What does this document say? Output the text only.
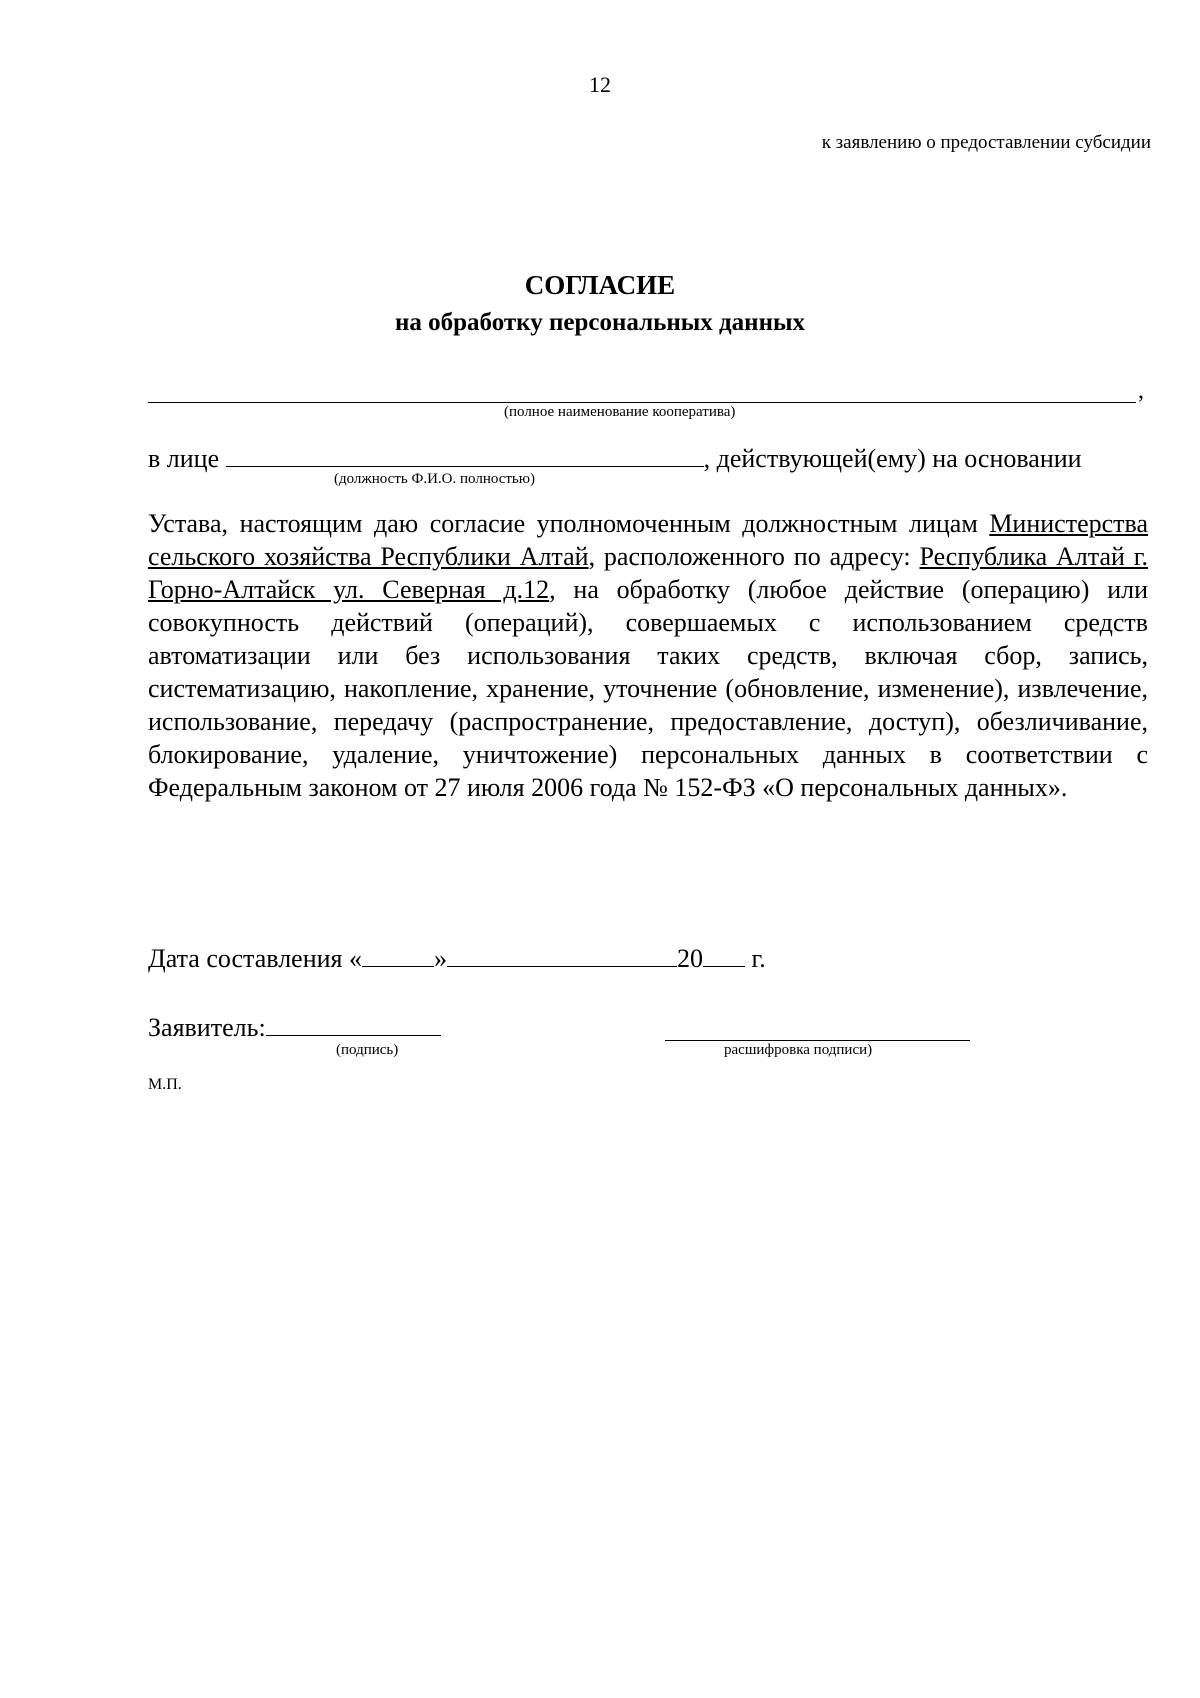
12
к заявлению о предоставлении субсидии
СОГЛАСИЕ
на обработку персональных данных
,
(полное наименование кооператива)
в лице	, действующей(ему) на основании
(должность Ф.И.О. полностью)
Устава, настоящим даю согласие уполномоченным должностным лицам Министерства сельского хозяйства Республики Алтай, расположенного по адресу: Республика Алтай г. Горно-Алтайск ул. Северная д.12, на обработку (любое действие (операцию) или совокупность действий (операций), совершаемых с использованием средств автоматизации или без использования таких средств, включая сбор, запись, систематизацию, накопление, хранение, уточнение (обновление, изменение), извлечение, использование, передачу (распространение, предоставление, доступ), обезличивание, блокирование, удаление, уничтожение) персональных данных в соответствии с Федеральным законом от 27 июля 2006 года № 152-ФЗ «О персональных данных».
Дата составления «	»	20 г.
Заявитель:
(подпись)	расшифровка подписи)
М.П.
